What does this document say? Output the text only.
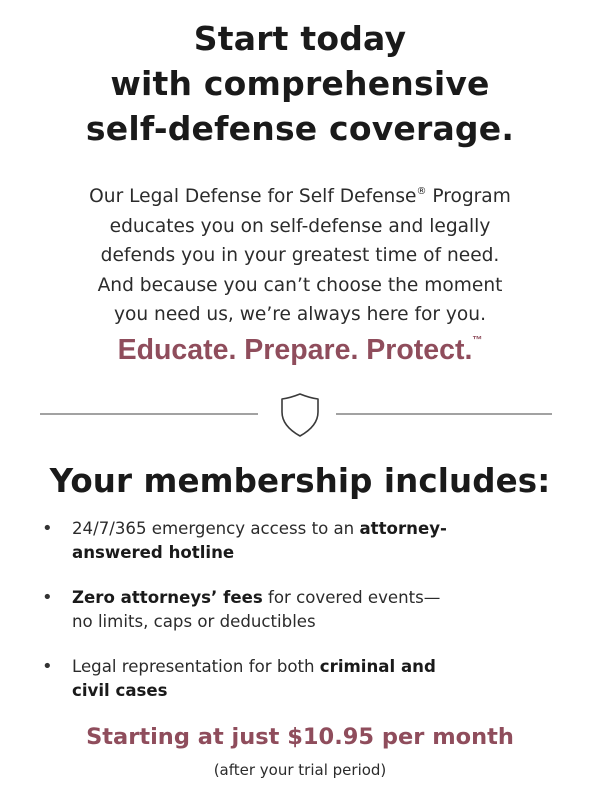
Start today
with comprehensive
self-defense coverage.
Our Legal Defense for Self Defense® Program
educates you on self-defense and legally
defends you in your greatest time of need.
And because you can’t choose the moment
you need us, we’re always here for you.
Educate. Prepare. Protect.™
Your membership includes:
• 24/7/365 emergency access to an attorney-
answered hotline
• Zero attorneys’ fees for covered events—
no limits, caps or deductibles
• Legal representation for both criminal and
civil cases
Starting at just $10.95 per month
(after your trial period)
